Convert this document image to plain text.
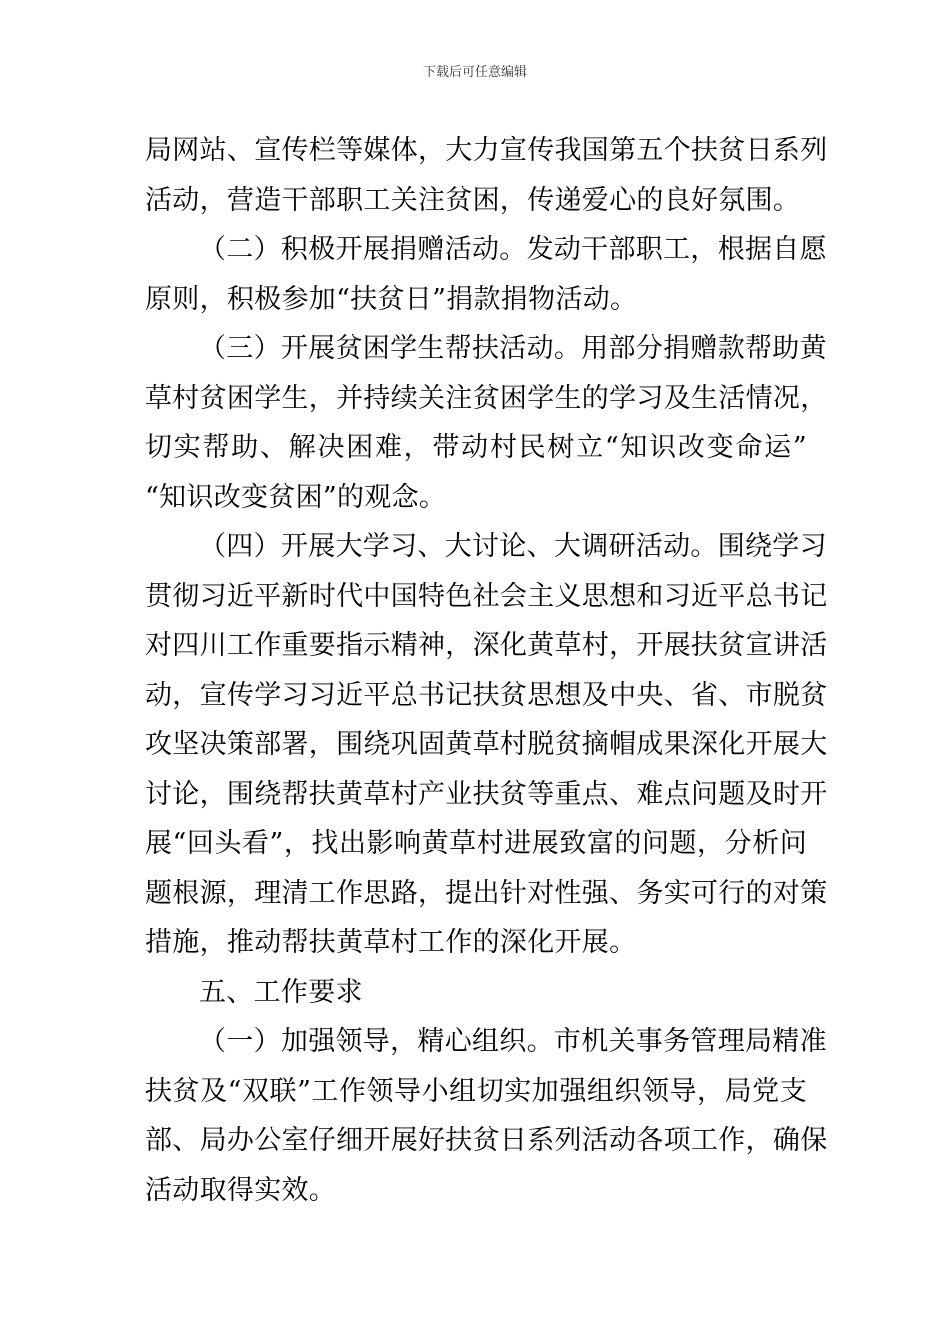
下载后可任意编辑

局网站、宣传栏等媒体，大力宣传我国第五个扶贫日系列
活动，营造干部职工关注贫困，传递爱心的良好氛围。

（二）积极开展捐赠活动。发动干部职工，根据自愿
原则，积极参加“扶贫日”捐款捐物活动。

（三）开展贫困学生帮扶活动。用部分捐赠款帮助黄
草村贫困学生，并持续关注贫困学生的学习及生活情况，
切实帮助、解决困难，带动村民树立“知识改变命运”
“知识改变贫困”的观念。

（四）开展大学习、大讨论、大调研活动。围绕学习
贯彻习近平新时代中国特色社会主义思想和习近平总书记
对四川工作重要指示精神，深化黄草村，开展扶贫宣讲活
动，宣传学习习近平总书记扶贫思想及中央、省、市脱贫
攻坚决策部署，围绕巩固黄草村脱贫摘帽成果深化开展大
讨论，围绕帮扶黄草村产业扶贫等重点、难点问题及时开
展“回头看”，找出影响黄草村进展致富的问题，分析问
题根源，理清工作思路，提出针对性强、务实可行的对策
措施，推动帮扶黄草村工作的深化开展。

五、工作要求

（一）加强领导，精心组织。市机关事务管理局精准
扶贫及“双联”工作领导小组切实加强组织领导，局党支
部、局办公室仔细开展好扶贫日系列活动各项工作，确保
活动取得实效。
